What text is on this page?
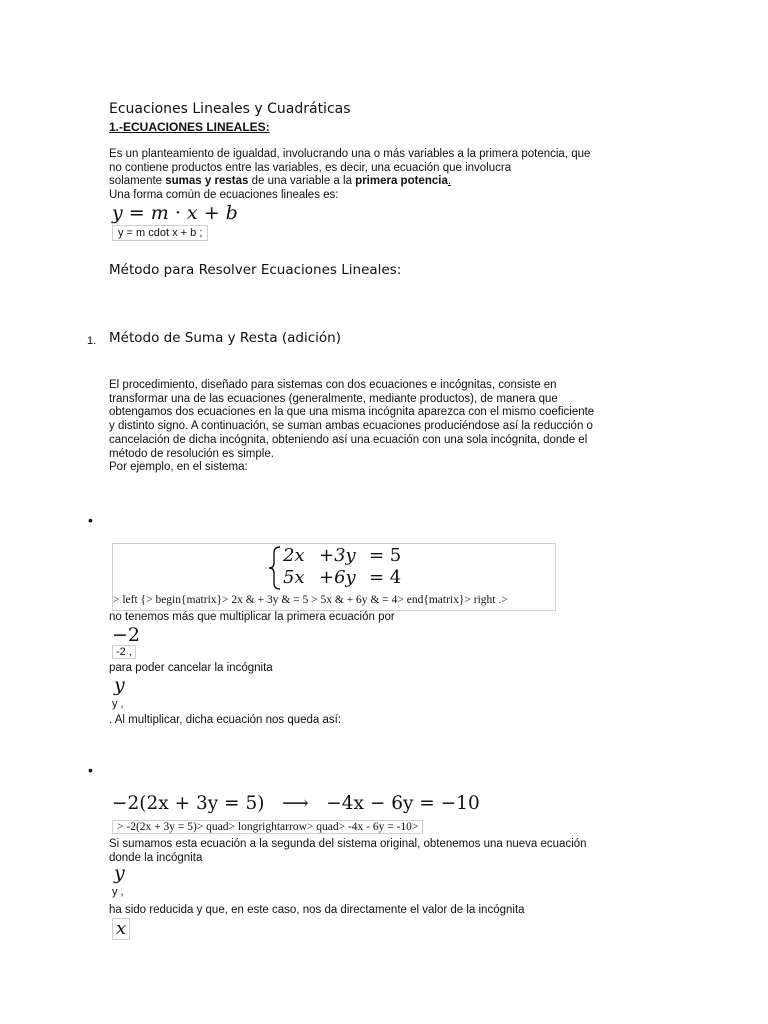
Ecuaciones Lineales y Cuadráticas
1.-ECUACIONES LINEALES:

Es un planteamiento de igualdad, involucrando una o más variables a la primera potencia, que

no contiene productos entre las variables, es decir, una ecuación que involucra

solamente sumas y restas de una variable a la primera potencia.

Una forma común de ecuaciones lineales es:

y = m · x + b
y = m cdot x + b ;
Método para Resolver Ecuaciones Lineales:
1. Método de Suma y Resta (adición)

El procedimiento, diseñado para sistemas con dos ecuaciones e incógnitas, consiste en

transformar una de las ecuaciones (generalmente, mediante productos), de manera que

obtengamos dos ecuaciones en la que una misma incógnita aparezca con el mismo coeficiente

y distinto signo. A continuación, se suman ambas ecuaciones produciéndose así la reducción o

cancelación de dicha incógnita, obteniendo así una ecuación con una sola incógnita, donde el

método de resolución es simple.

Por ejemplo, en el sistema:

•
2x +3y = 5
5x +6y = 4
> left {> begin{matrix}> 2x & + 3y & = 5 > 5x & + 6y & = 4> end{matrix}> right .>
no tenemos más que multiplicar la primera ecuación por
−2
-2 ,
para poder cancelar la incógnita
y
y ,
. Al multiplicar, dicha ecuación nos queda así:
•
−2(2x + 3y = 5)   ⟶   −4x − 6y = −10
> -2(2x + 3y = 5)> quad> longrightarrow> quad> -4x - 6y = -10>

Si sumamos esta ecuación a la segunda del sistema original, obtenemos una nueva ecuación

donde la incógnita

y
y ,
ha sido reducida y que, en este caso, nos da directamente el valor de la incógnita
x
